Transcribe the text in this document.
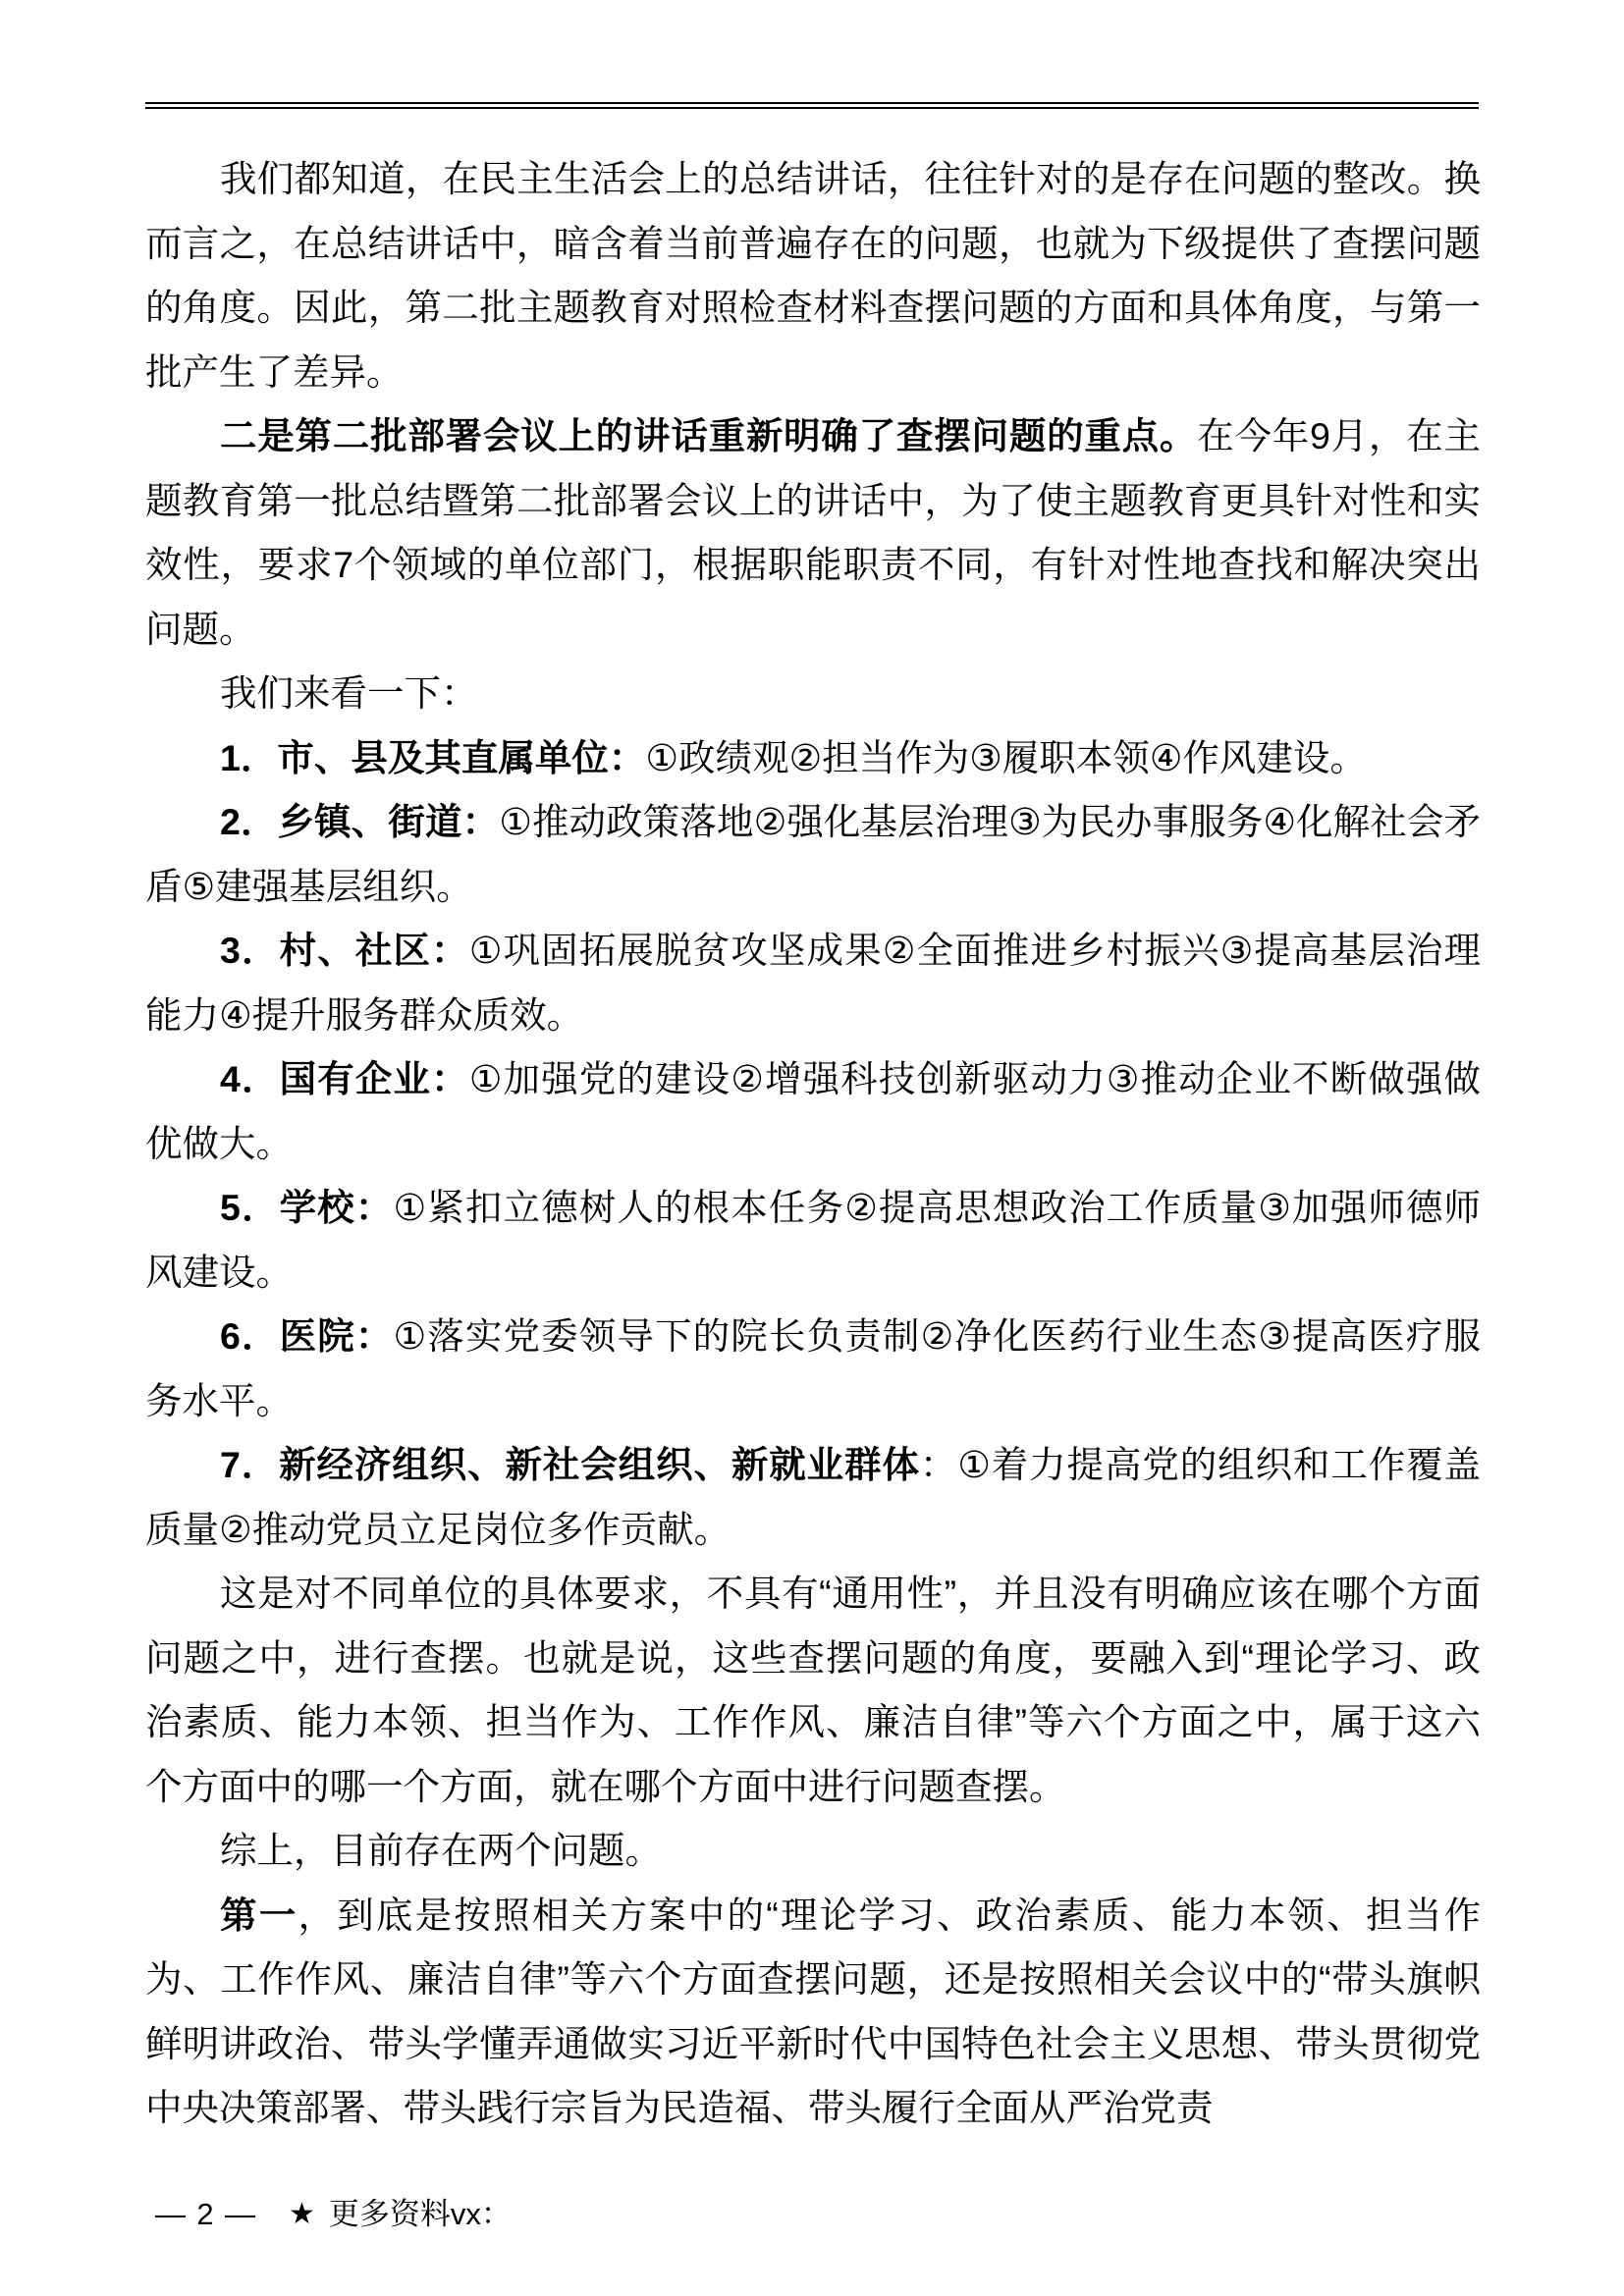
我们都知道，在民主生活会上的总结讲话，往往针对的是存在问题的整改。换而言之，在总结讲话中，暗含着当前普遍存在的问题，也就为下级提供了查摆问题的角度。因此，第二批主题教育对照检查材料查摆问题的方面和具体角度，与第一批产生了差异。
二是第二批部署会议上的讲话重新明确了查摆问题的重点。在今年9月，在主题教育第一批总结暨第二批部署会议上的讲话中，为了使主题教育更具针对性和实效性，要求7个领域的单位部门，根据职能职责不同，有针对性地查找和解决突出问题。
我们来看一下：
1．市、县及其直属单位：①政绩观②担当作为③履职本领④作风建设。
2．乡镇、街道：①推动政策落地②强化基层治理③为民办事服务④化解社会矛盾⑤建强基层组织。
3．村、社区：①巩固拓展脱贫攻坚成果②全面推进乡村振兴③提高基层治理能力④提升服务群众质效。
4．国有企业：①加强党的建设②增强科技创新驱动力③推动企业不断做强做优做大。
5．学校：①紧扣立德树人的根本任务②提高思想政治工作质量③加强师德师风建设。
6．医院：①落实党委领导下的院长负责制②净化医药行业生态③提高医疗服务水平。
7．新经济组织、新社会组织、新就业群体：①着力提高党的组织和工作覆盖质量②推动党员立足岗位多作贡献。
这是对不同单位的具体要求，不具有“通用性”，并且没有明确应该在哪个方面问题之中，进行查摆。也就是说，这些查摆问题的角度，要融入到“理论学习、政治素质、能力本领、担当作为、工作作风、廉洁自律”等六个方面之中，属于这六个方面中的哪一个方面，就在哪个方面中进行问题查摆。
综上，目前存在两个问题。
第一，到底是按照相关方案中的“理论学习、政治素质、能力本领、担当作为、工作作风、廉洁自律”等六个方面查摆问题，还是按照相关会议中的“带头旗帜鲜明讲政治、带头学懂弄通做实习近平新时代中国特色社会主义思想、带头贯彻党中央决策部署、带头践行宗旨为民造福、带头履行全面从严治党责
— 2 — ★ 更多资料vx：
